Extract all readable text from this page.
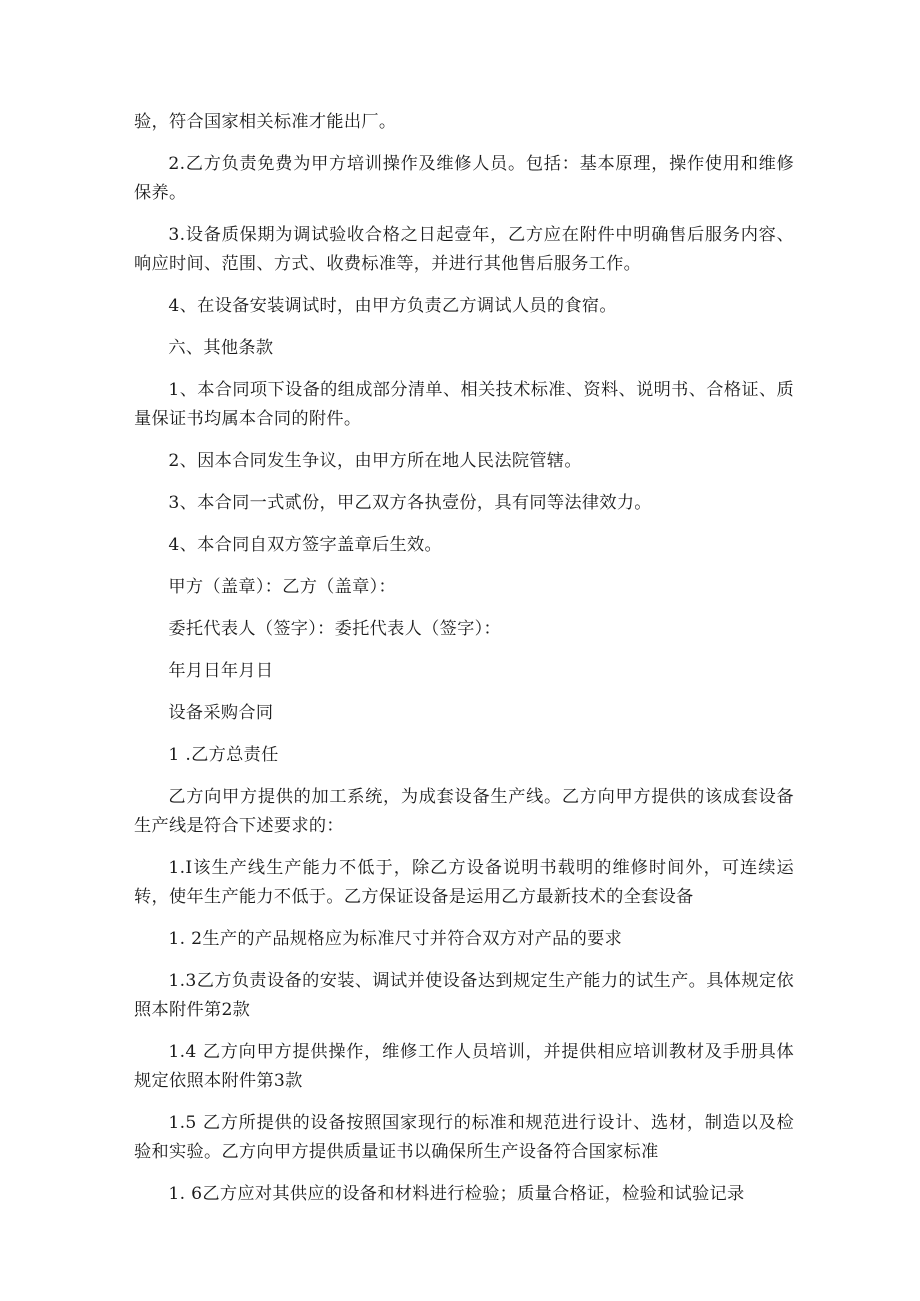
验，符合国家相关标准才能出厂。

2.乙方负责免费为甲方培训操作及维修人员。包括：基本原理，操作使用和维修保养。

3.设备质保期为调试验收合格之日起壹年，乙方应在附件中明确售后服务内容、响应时间、范围、方式、收费标准等，并进行其他售后服务工作。

4、在设备安装调试时，由甲方负责乙方调试人员的食宿。

六、其他条款

1、本合同项下设备的组成部分清单、相关技术标准、资料、说明书、合格证、质量保证书均属本合同的附件。

2、因本合同发生争议，由甲方所在地人民法院管辖。

3、本合同一式贰份，甲乙双方各执壹份，具有同等法律效力。

4、本合同自双方签字盖章后生效。

甲方（盖章）：乙方（盖章）：

委托代表人（签字）：委托代表人（签字）：

年月日年月日

设备采购合同

1 .乙方总责任

乙方向甲方提供的加工系统，为成套设备生产线。乙方向甲方提供的该成套设备生产线是符合下述要求的：

1.I该生产线生产能力不低于，除乙方设备说明书载明的维修时间外，可连续运转，使年生产能力不低于。乙方保证设备是运用乙方最新技术的全套设备

1. 2生产的产品规格应为标准尺寸并符合双方对产品的要求

1.3乙方负责设备的安装、调试并使设备达到规定生产能力的试生产。具体规定依照本附件第2款

1.4 乙方向甲方提供操作，维修工作人员培训，并提供相应培训教材及手册具体规定依照本附件第3款

1.5 乙方所提供的设备按照国家现行的标准和规范进行设计、选材，制造以及检验和实验。乙方向甲方提供质量证书以确保所生产设备符合国家标准

1. 6乙方应对其供应的设备和材料进行检验；质量合格证，检验和试验记录
